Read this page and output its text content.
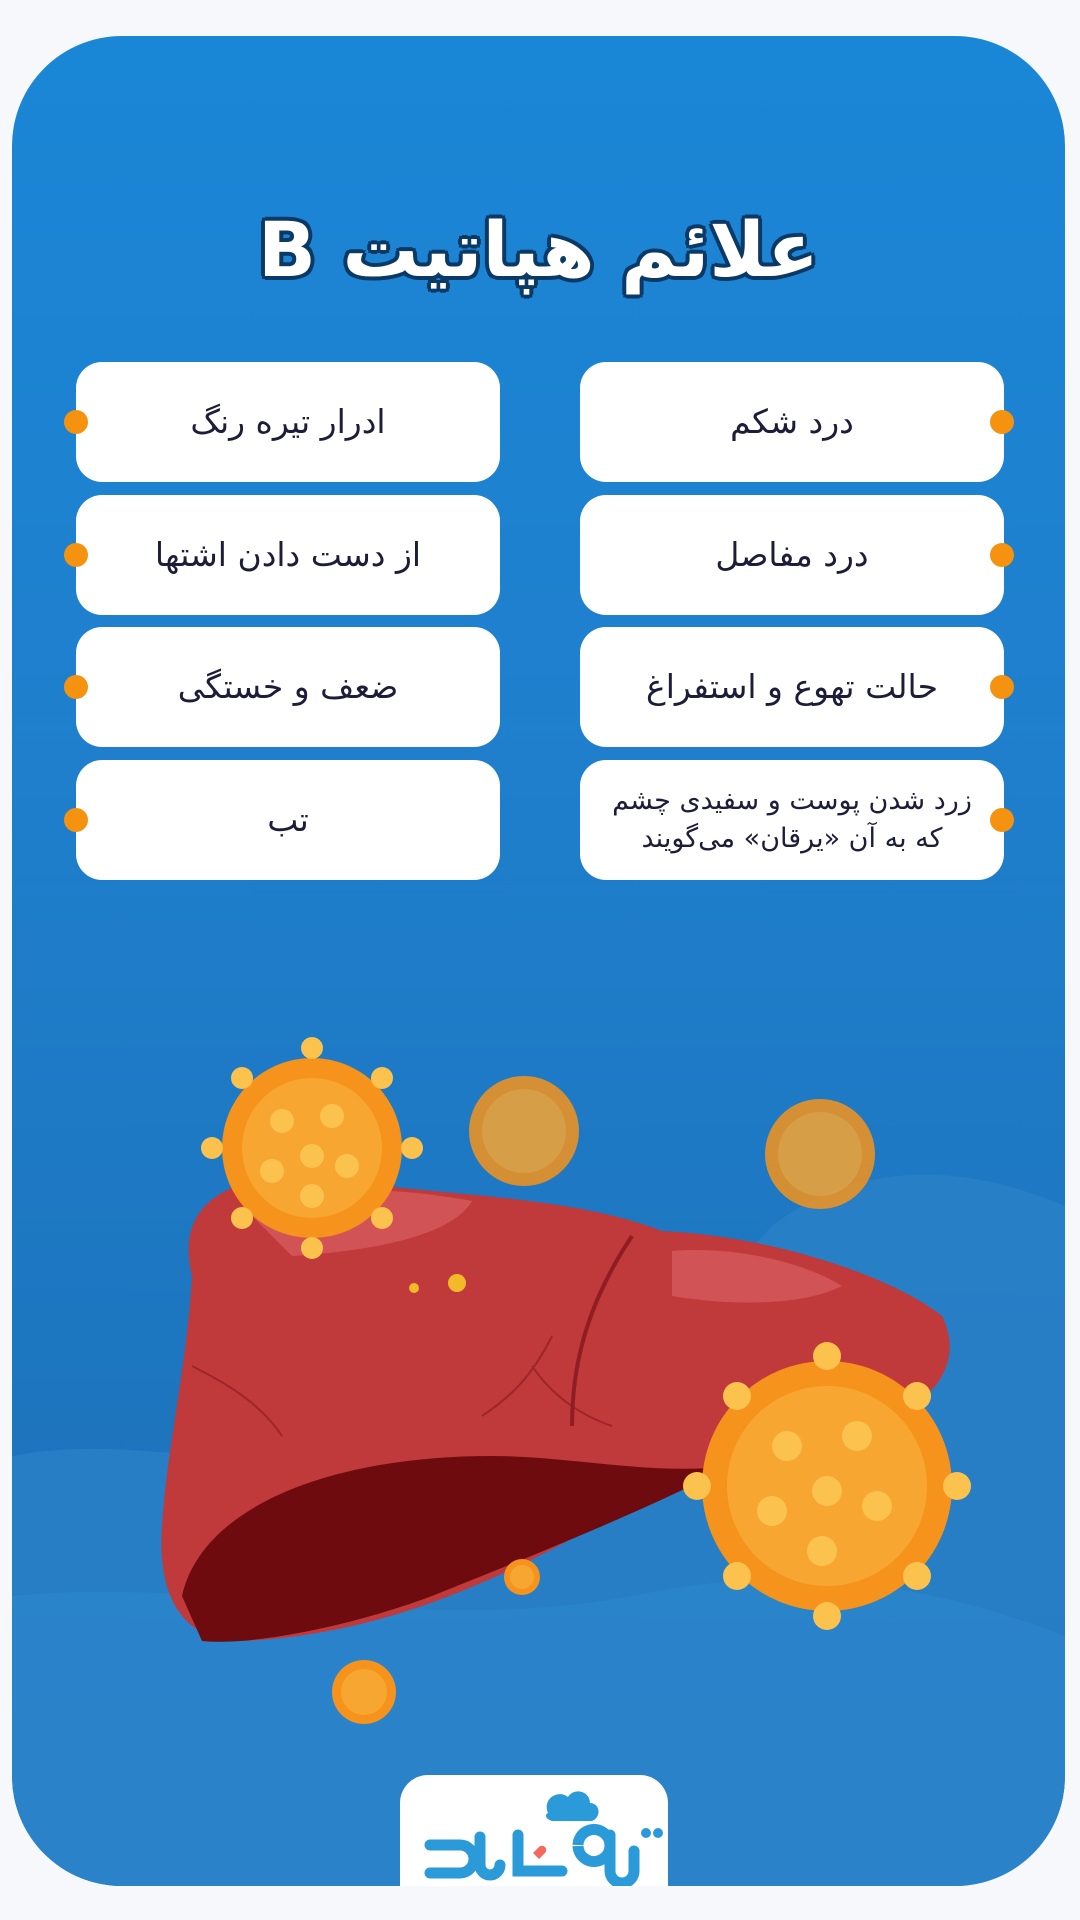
علائم هپاتیت B
درد شکم
درد مفاصل
حالت تهوع و استفراغ
زرد شدن پوست و سفیدی چشم که به آن «یرقان» می‌گویند
ادرار تیره رنگ
از دست دادن اشتها
ضعف و خستگی
تب
